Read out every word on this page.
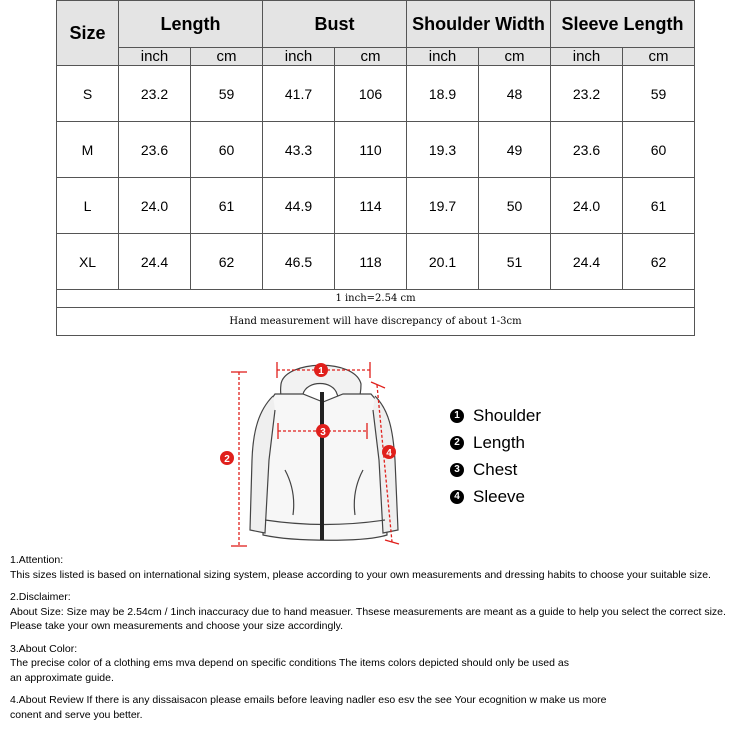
Size	Length		Bust		Shoulder Width		Sleeve Length	
	inch	cm	inch	cm	inch	cm	inch	cm
S	23.2	59	41.7	106	18.9	48	23.2	59
M	23.6	60	43.3	110	19.3	49	23.6	60
L	24.0	61	44.9	114	19.7	50	24.0	61
XL	24.4	62	46.5	118	20.1	51	24.4	62
1 inch=2.54 cm								
Hand measurement will have discrepancy of about 1-3cm								
1
2
3
4
1 Shoulder
2 Length
3 Chest
4 Sleeve

1.Attention:

This sizes listed is based on international sizing system, please according to your own measurements and dressing habits to choose your suitable size.

2.Disclaimer:

About Size: Size may be 2.54cm / 1inch inaccuracy due to hand measuer. Thsese measurements are meant as a guide to help you select the correct size.

Please take your own measurements and choose your size accordingly.

3.About Color:

The precise color of a clothing ems mva depend on specific conditions The items colors depicted should only be used as

an approximate guide.

4.About Review If there is any dissaisacon please emails before leaving nadler eso esv the see Your ecognition w make us more

conent and serve you better.
